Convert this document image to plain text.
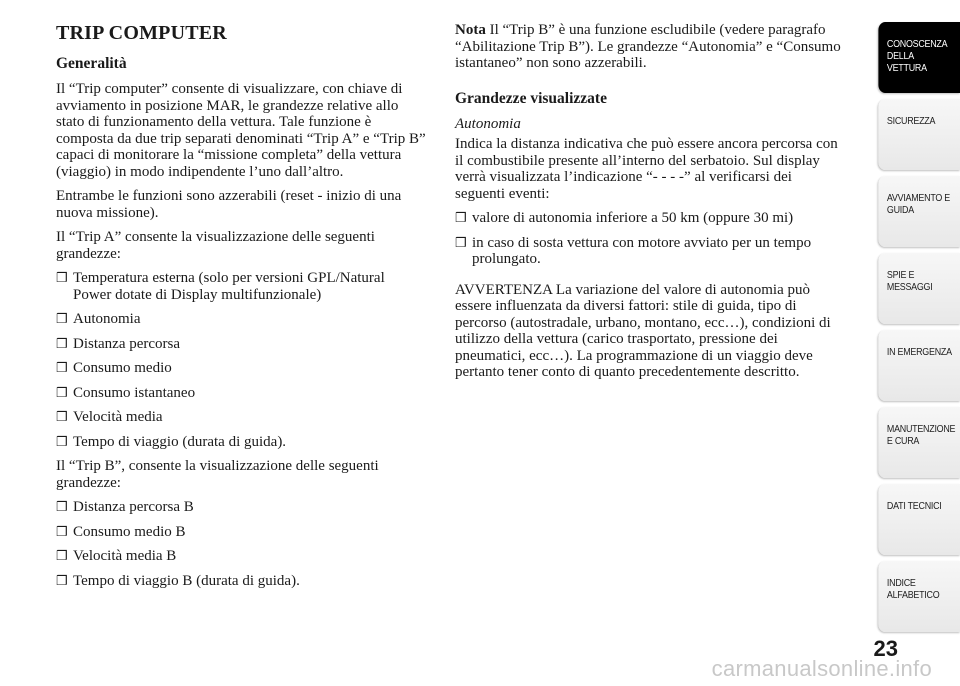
TRIP COMPUTER
Generalità

Il “Trip computer” consente di visualizzare, con chiave di avviamento in posizione MAR, le grandezze relative allo stato di funzionamento della vettura. Tale funzione è composta da due trip separati denominati “Trip A” e “Trip B” capaci di monitorare la “missione completa” della vettura (viaggio) in modo indipendente l’uno dall’altro.

Entrambe le funzioni sono azzerabili (reset - inizio di una nuova missione).

Il “Trip A” consente la visualizzazione delle seguenti grandezze:

❒ Temperatura esterna (solo per versioni GPL/Natural Power dotate di Display multifunzionale)
❒ Autonomia
❒ Distanza percorsa
❒ Consumo medio
❒ Consumo istantaneo
❒ Velocità media
❒ Tempo di viaggio (durata di guida).

Il “Trip B”, consente la visualizzazione delle seguenti grandezze:

❒ Distanza percorsa B
❒ Consumo medio B
❒ Velocità media B
❒ Tempo di viaggio B (durata di guida).

Nota Il “Trip B” è una funzione escludibile (vedere paragrafo “Abilitazione Trip B”). Le grandezze “Autonomia” e “Consumo istantaneo” non sono azzerabili.

Grandezze visualizzate

Autonomia

Indica la distanza indicativa che può essere ancora percorsa con il combustibile presente all’interno del serbatoio. Sul display verrà visualizzata l’indicazione “- - - -” al verificarsi dei seguenti eventi:

❒ valore di autonomia inferiore a 50 km (oppure 30 mi)
❒ in caso di sosta vettura con motore avviato per un tempo prolungato.

AVVERTENZA La variazione del valore di autonomia può essere influenzata da diversi fattori: stile di guida, tipo di percorso (autostradale, urbano, montano, ecc…), condizioni di utilizzo della vettura (carico trasportato, pressione dei pneumatici, ecc…). La programmazione di un viaggio deve pertanto tener conto di quanto precedentemente descritto.

CONOSCENZA DELLA VETTURA
SICUREZZA
AVVIAMENTO E GUIDA
SPIE E MESSAGGI
IN EMERGENZA
MANUTENZIONE E CURA
DATI TECNICI
INDICE ALFABETICO
23
carmanualsonline.info
